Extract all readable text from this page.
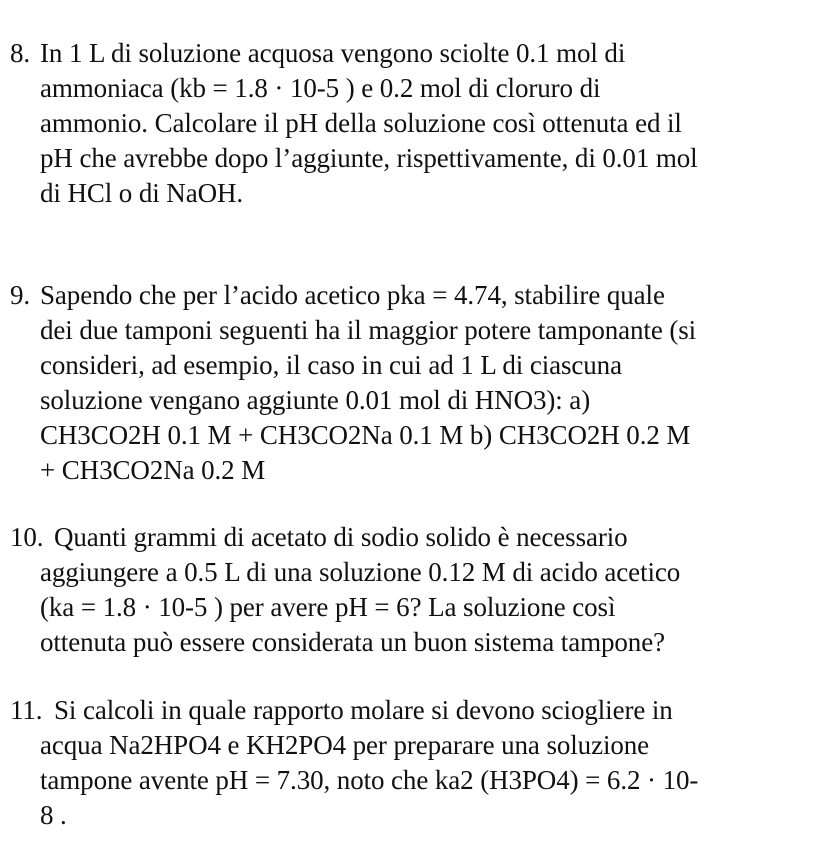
8. In 1 L di soluzione acquosa vengono sciolte 0.1 mol di
ammoniaca (kb = 1.8 · 10-5 ) e 0.2 mol di cloruro di
ammonio. Calcolare il pH della soluzione così ottenuta ed il
pH che avrebbe dopo l’aggiunte, rispettivamente, di 0.01 mol
di HCl o di NaOH.
9. Sapendo che per l’acido acetico pka = 4.74, stabilire quale
dei due tamponi seguenti ha il maggior potere tamponante (si
consideri, ad esempio, il caso in cui ad 1 L di ciascuna
soluzione vengano aggiunte 0.01 mol di HNO3): a)
CH3CO2H 0.1 M + CH3CO2Na 0.1 M b) CH3CO2H 0.2 M
+ CH3CO2Na 0.2 M
10. Quanti grammi di acetato di sodio solido è necessario
aggiungere a 0.5 L di una soluzione 0.12 M di acido acetico
(ka = 1.8 · 10-5 ) per avere pH = 6? La soluzione così
ottenuta può essere considerata un buon sistema tampone?
11. Si calcoli in quale rapporto molare si devono sciogliere in
acqua Na2HPO4 e KH2PO4 per preparare una soluzione
tampone avente pH = 7.30, noto che ka2 (H3PO4) = 6.2 · 10-
8 .
